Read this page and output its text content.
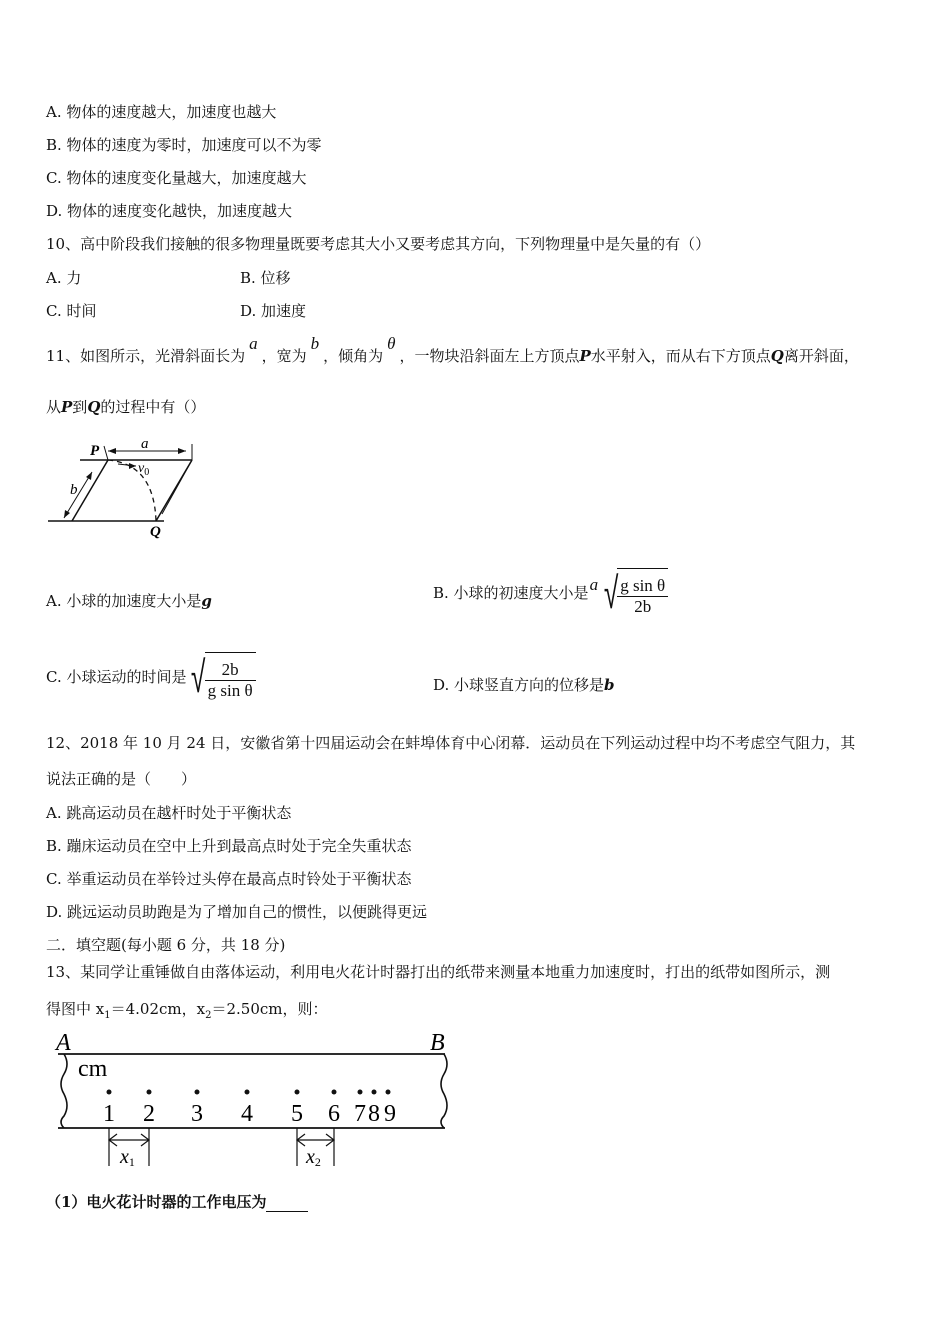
A. 物体的速度越大，加速度也越大
B. 物体的速度为零时，加速度可以不为零
C. 物体的速度变化量越大，加速度越大
D. 物体的速度变化越快，加速度越大
10、高中阶段我们接触的很多物理量既要考虑其大小又要考虑其方向，下列物理量中是矢量的有（）
A. 力	B. 位移
C. 时间	D. 加速度
11、如图所示，光滑斜面长为a，宽为b，倾角为θ，一物块沿斜面左上方顶点P水平射入，而从右下方顶点Q离开斜面，
从P到Q的过程中有（）
P	a
$v_0$
b
Q
A. 小球的加速度大小是g	B. 小球的初速度大小是a √
$\frac{\text{g sin θ}}{2b}$
C. 小球运动的时间是 √
$\frac{2b}{\text{g sin θ}}$	D. 小球竖直方向的位移是b
12、2018 年 10 月 24 日，安徽省第十四届运动会在蚌埠体育中心闭幕．运动员在下列运动过程中均不考虑空气阻力，其
说法正确的是（　　）
A. 跳高运动员在越杆时处于平衡状态
B. 蹦床运动员在空中上升到最高点时处于完全失重状态
C. 举重运动员在举铃过头停在最高点时铃处于平衡状态
D. 跳远运动员助跑是为了增加自己的惯性，以便跳得更远
二．填空题(每小题 6 分，共 18 分)
13、某同学让重锤做自由落体运动，利用电火花计时器打出的纸带来测量本地重力加速度时，打出的纸带如图所示，测
得图中 $x_1=4.02cm$，$x_2=2.50cm$，则：
A	B
cm
1 2 3 4 5 6 7 8 9
x1	x2
（1）电火花计时器的工作电压为
